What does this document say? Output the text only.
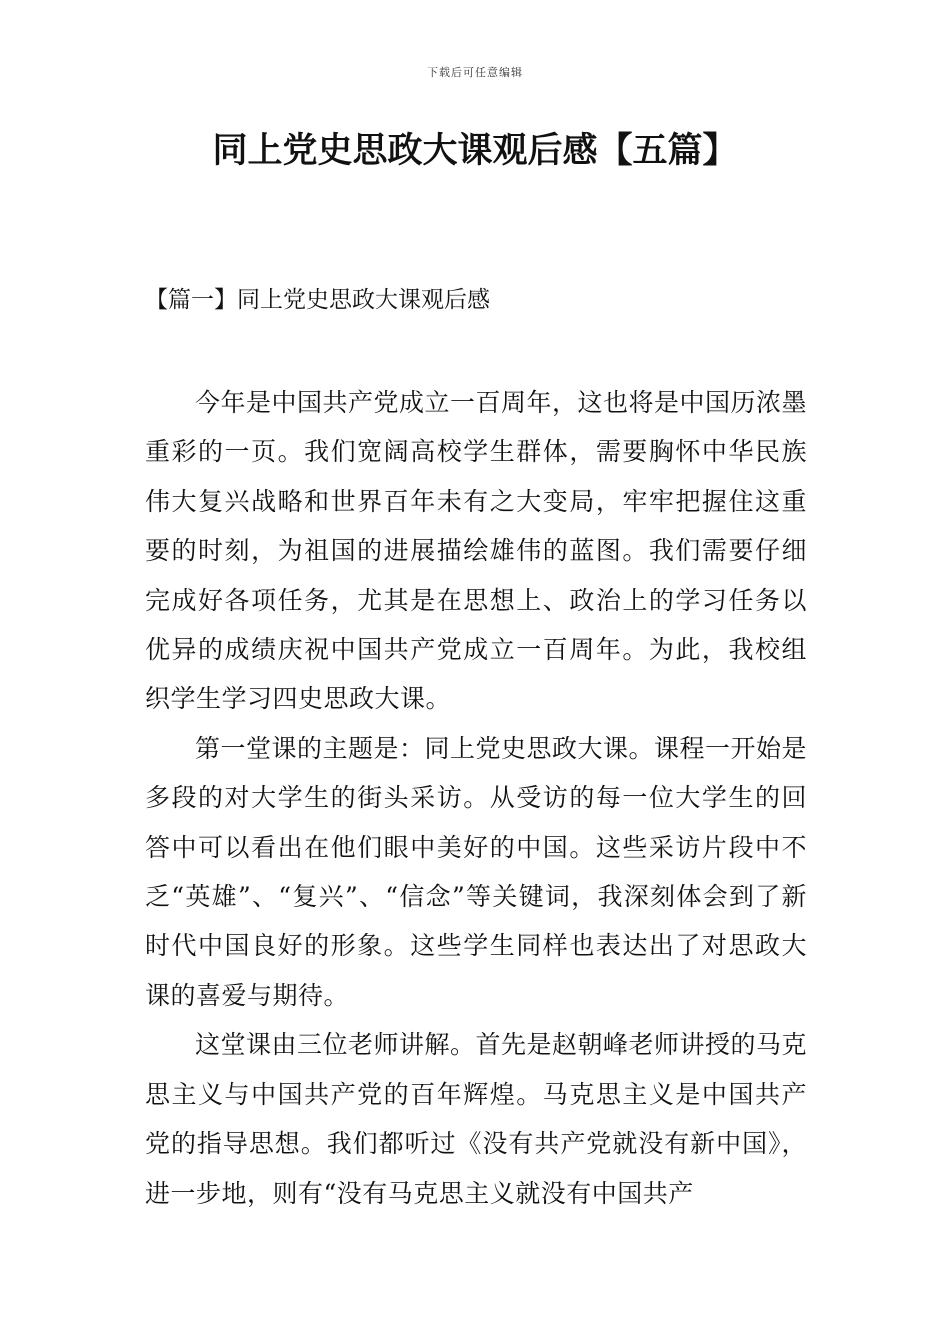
下载后可任意编辑
同上党史思政大课观后感【五篇】
【篇一】同上党史思政大课观后感

今年是中国共产党成立一百周年，这也将是中国历浓墨重彩的一页。我们宽阔高校学生群体，需要胸怀中华民族伟大复兴战略和世界百年未有之大变局，牢牢把握住这重要的时刻，为祖国的进展描绘雄伟的蓝图。我们需要仔细完成好各项任务，尤其是在思想上、政治上的学习任务以优异的成绩庆祝中国共产党成立一百周年。为此，我校组织学生学习四史思政大课。

第一堂课的主题是：同上党史思政大课。课程一开始是多段的对大学生的街头采访。从受访的每一位大学生的回答中可以看出在他们眼中美好的中国。这些采访片段中不乏“英雄”、“复兴”、“信念”等关键词，我深刻体会到了新时代中国良好的形象。这些学生同样也表达出了对思政大课的喜爱与期待。

这堂课由三位老师讲解。首先是赵朝峰老师讲授的马克思主义与中国共产党的百年辉煌。马克思主义是中国共产党的指导思想。我们都听过《没有共产党就没有新中国》，进一步地，则有“没有马克思主义就没有中国共产
